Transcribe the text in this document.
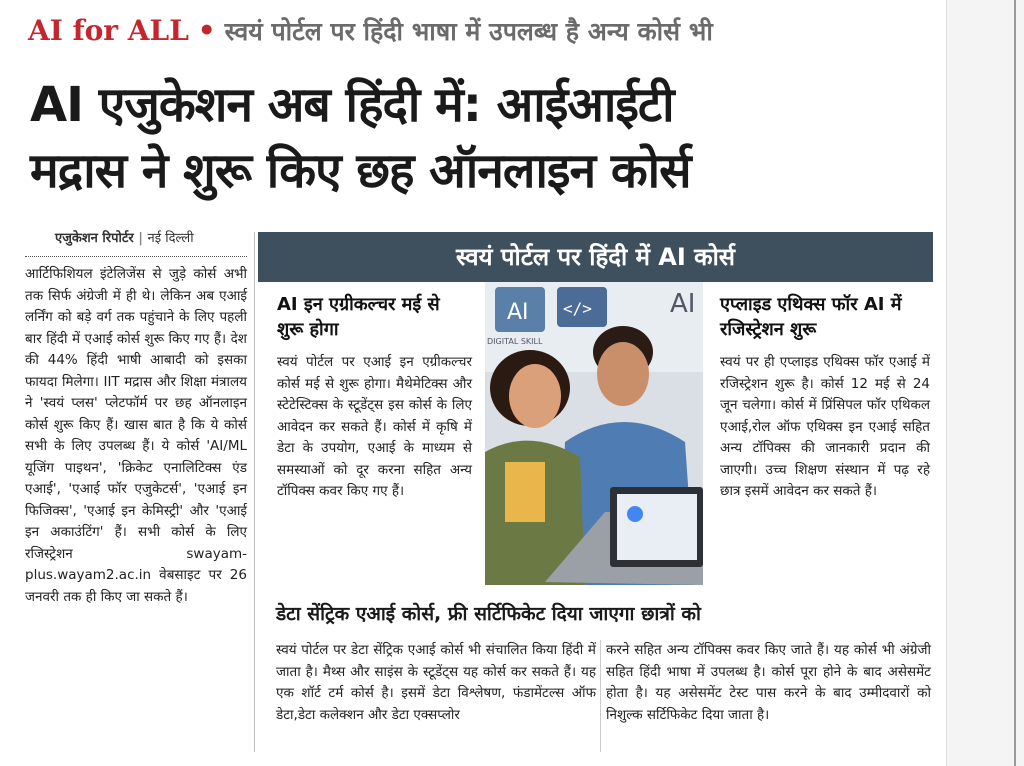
AI for ALL • स्वयं पोर्टल पर हिंदी भाषा में उपलब्ध है अन्य कोर्स भी
AI एजुकेशन अब हिंदी में: आईआईटी
मद्रास ने शुरू किए छह ऑनलाइन कोर्स
एजुकेशन रिपोर्टर | नई दिल्ली
आर्टिफिशियल इंटेलिजेंस से जुड़े कोर्स अभी तक सिर्फ अंग्रेजी में ही थे। लेकिन अब एआई लर्निंग को बड़े वर्ग तक पहुंचाने के लिए पहली बार हिंदी में एआई कोर्स शुरू किए गए हैं। देश की 44% हिंदी भाषी आबादी को इसका फायदा मिलेगा। IIT मद्रास और शिक्षा मंत्रालय ने 'स्वयं प्लस' प्लेटफॉर्म पर छह ऑनलाइन कोर्स शुरू किए हैं। खास बात है कि ये कोर्स सभी के लिए उपलब्ध हैं। ये कोर्स 'AI/ML यूजिंग पाइथन', 'क्रिकेट एनालिटिक्स एंड एआई', 'एआई फॉर एजुकेटर्स', 'एआई इन फिजिक्स', 'एआई इन केमिस्ट्री' और 'एआई इन अकाउंटिंग' हैं। सभी कोर्स के लिए रजिस्ट्रेशन swayam-plus.wayam2.ac.in वेबसाइट पर 26 जनवरी तक ही किए जा सकते हैं।
स्वयं पोर्टल पर हिंदी में AI कोर्स
AI इन एग्रीकल्चर मई से शुरू होगा
स्वयं पोर्टल पर एआई इन एग्रीकल्चर कोर्स मई से शुरू होगा। मैथेमेटिक्स और स्टेटेस्टिक्स के स्टूडेंट्स इस कोर्स के लिए आवेदन कर सकते हैं। कोर्स में कृषि में डेटा के उपयोग, एआई के माध्यम से समस्याओं को दूर करना सहित अन्य टॉपिक्स कवर किए गए हैं।
AI </>	AI
DIGITAL SKILL
एप्लाइड एथिक्स फॉर AI में रजिस्ट्रेशन शुरू
स्वयं पर ही एप्लाइड एथिक्स फॉर एआई में रजिस्ट्रेशन शुरू है। कोर्स 12 मई से 24 जून चलेगा। कोर्स में प्रिंसिपल फॉर एथिकल एआई,रोल ऑफ एथिक्स इन एआई सहित अन्य टॉपिक्स की जानकारी प्रदान की जाएगी। उच्च शिक्षण संस्थान में पढ़ रहे छात्र इसमें आवेदन कर सकते हैं।
डेटा सेंट्रिक एआई कोर्स, फ्री सर्टिफिकेट दिया जाएगा छात्रों को
स्वयं पोर्टल पर डेटा सेंट्रिक एआई कोर्स भी संचालित किया हिंदी में जाता है। मैथ्स और साइंस के स्टूडेंट्स यह कोर्स कर सकते हैं। यह एक शॉर्ट टर्म कोर्स है। इसमें डेटा विश्लेषण, फंडामेंटल्स ऑफ डेटा,डेटा कलेक्शन और डेटा एक्सप्लोर
करने सहित अन्य टॉपिक्स कवर किए जाते हैं। यह कोर्स भी अंग्रेजी सहित हिंदी भाषा में उपलब्ध है। कोर्स पूरा होने के बाद असेसमेंट होता है। यह असेसमेंट टेस्ट पास करने के बाद उम्मीदवारों को निशुल्क सर्टिफिकेट दिया जाता है।
